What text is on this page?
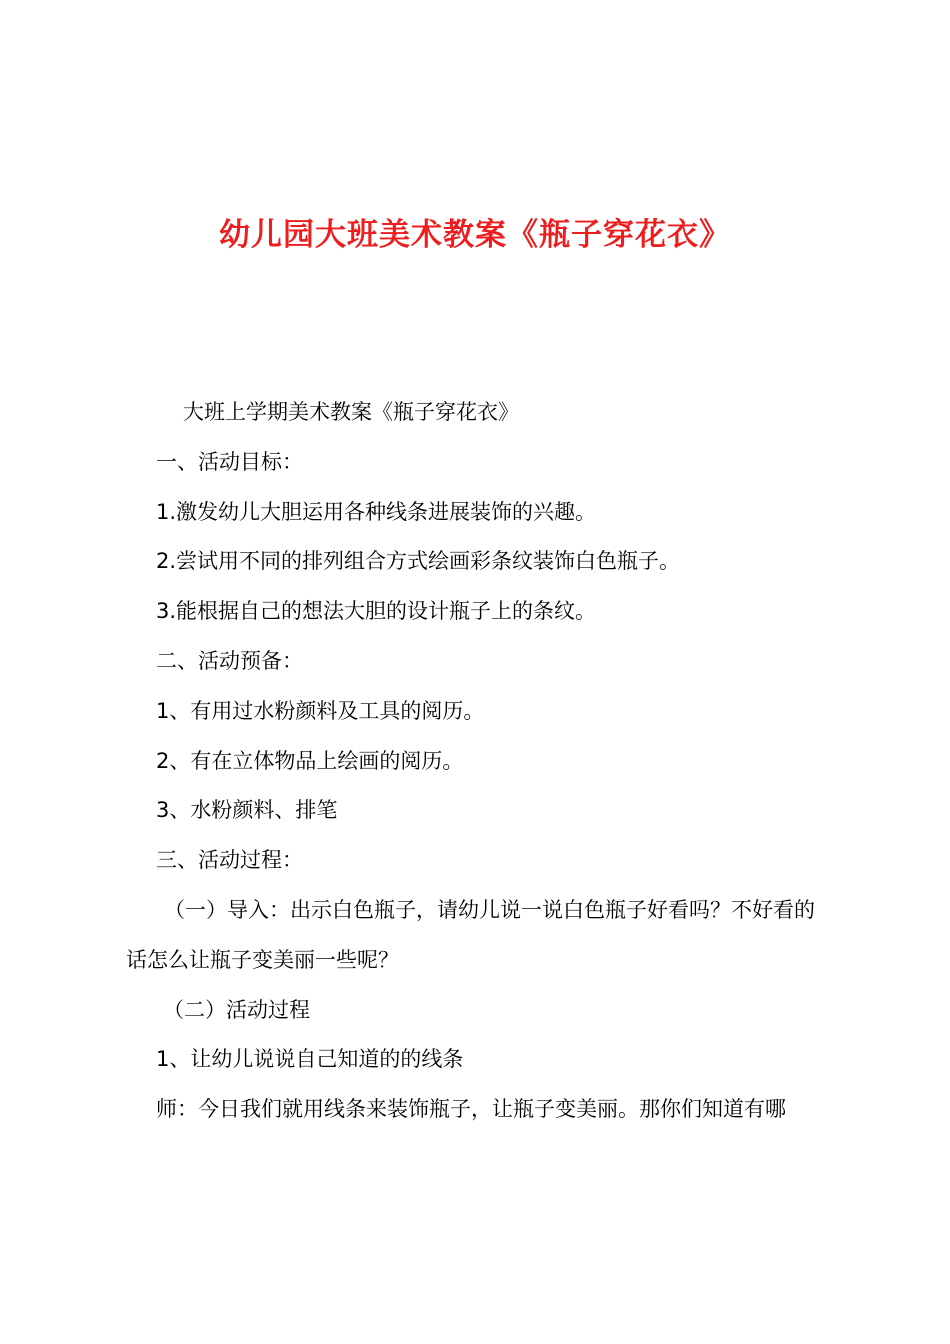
幼儿园大班美术教案《瓶子穿花衣》

大班上学期美术教案《瓶子穿花衣》

一、活动目标：

1.激发幼儿大胆运用各种线条进展装饰的兴趣。

2.尝试用不同的排列组合方式绘画彩条纹装饰白色瓶子。

3.能根据自己的想法大胆的设计瓶子上的条纹。

二、活动预备：

1、有用过水粉颜料及工具的阅历。

2、有在立体物品上绘画的阅历。

3、水粉颜料、排笔

三、活动过程：

（一）导入：出示白色瓶子，请幼儿说一说白色瓶子好看吗？不好看的话怎么让瓶子变美丽一些呢？

（二）活动过程

1、让幼儿说说自己知道的的线条

师：今日我们就用线条来装饰瓶子，让瓶子变美丽。那你们知道有哪
